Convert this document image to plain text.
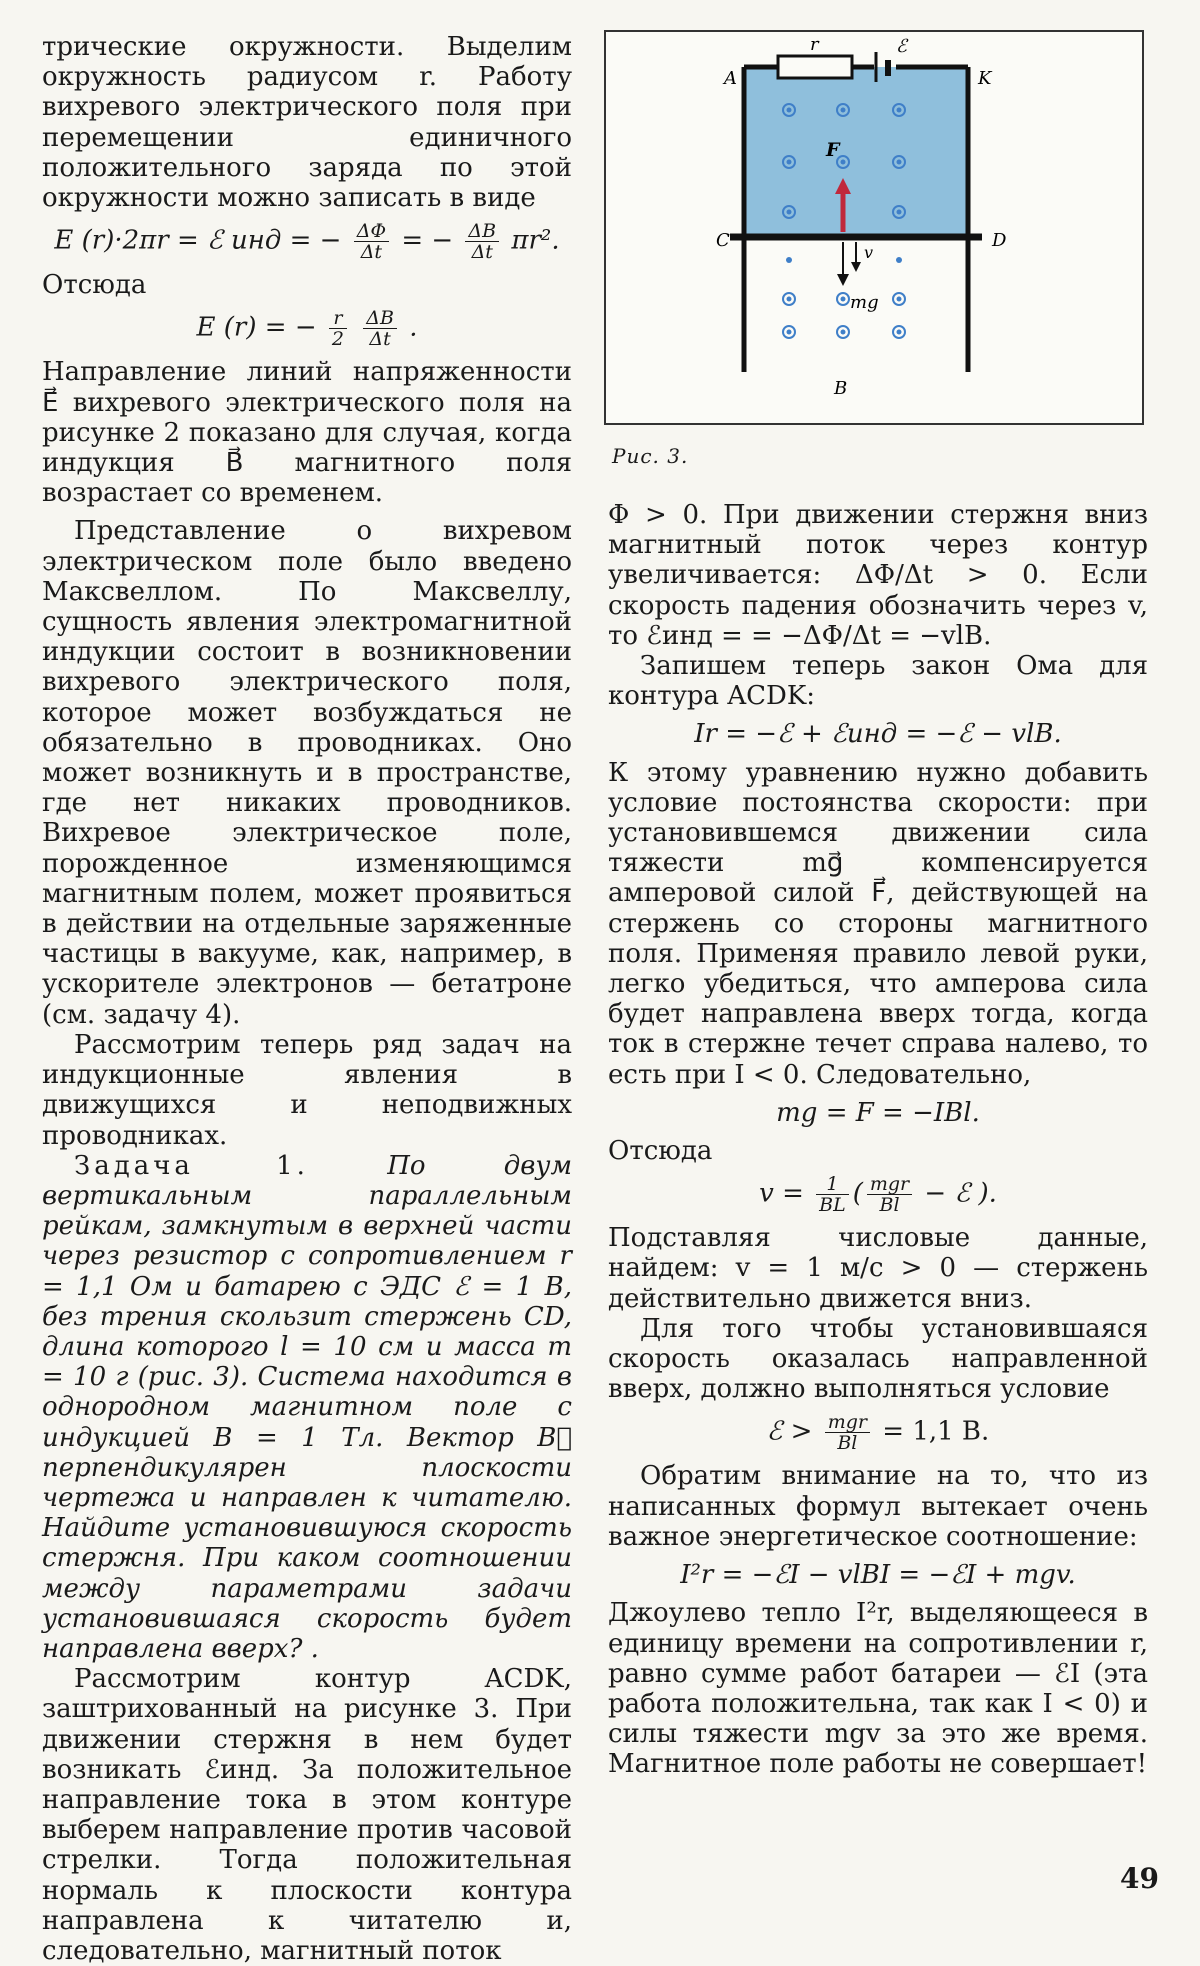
A	K
C	D
r	ℰ
F
v
mg
B
Рис. 3.

трические окружности. Выделим окружность радиусом r. Работу вихревого электрического поля при перемещении единичного положительного заряда по этой окружности можно записать в виде

E (r)·2πr = ℰ инд = − $\frac{\Delta\Phi}{\Delta t}$ = − $\frac{\Delta B}{\Delta t} \pi r^2$.

Отсюда

E (r) = − $\frac{r}{2}$
$\frac{\Delta B}{\Delta t}$ .

Направление линий напряженности E⃗ вихревого электрического поля на рисунке 2 показано для случая, когда индукция B⃗ магнитного поля возрастает со временем.

Представление о вихревом электрическом поле было введено Максвеллом. По Максвеллу, сущность явления электромагнитной индукции состоит в возникновении вихревого электрического поля, которое может возбуждаться не обязательно в проводниках. Оно может возникнуть и в пространстве, где нет никаких проводников. Вихревое электрическое поле, порожденное изменяющимся магнитным полем, может проявиться в действии на отдельные заряженные частицы в вакууме, как, например, в ускорителе электронов — бетатроне (см. задачу 4).

Рассмотрим теперь ряд задач на индукционные явления в движущихся и неподвижных проводниках.

Задача 1.	По двум вертикальным параллельным рейкам, замкнутым в верхней части через резистор с сопротивлением r = 1,1 Ом и батарею с ЭДС ℰ = 1 В, без трения скользит стержень CD, длина которого l = 10 см и масса m = 10 г (рис. 3). Система находится в однородном магнитном поле с индукцией B = 1 Тл. Вектор B⃗ перпендикулярен плоскости чертежа и направлен к читателю. Найдите установившуюся скорость стержня. При каком соотношении между параметрами задачи установившаяся скорость будет направлена вверх? .

Рассмотрим контур ACDK, заштрихованный на рисунке 3. При движении стержня в нем будет возникать ℰинд. За положительное направление тока в этом контуре выберем направление против часовой стрелки. Тогда положительная нормаль к плоскости контура направлена к читателю и, следовательно, магнитный поток

Φ > 0. При движении стержня вниз магнитный поток через контур увеличивается: ΔΦ/Δt > 0. Если скорость падения обозначить через v, то ℰинд = = −ΔΦ/Δt = −vlB.

Запишем теперь закон Ома для контура ACDK:

Ir = −ℰ + ℰинд = −ℰ − vlB.

К этому уравнению нужно добавить условие постоянства скорости: при установившемся движении сила тяжести mg⃗ компенсируется амперовой силой F⃗, действующей на стержень со стороны магнитного поля. Применяя правило левой руки, легко убедиться, что амперова сила будет направлена вверх тогда, когда ток в стержне течет справа налево, то есть при I < 0. Следовательно,

mg = F = −IBl.

Отсюда

$v = \frac{1}{BL}$ ( mgr
Bl − ℰ ).

Подставляя числовые данные, найдем: v = 1 м/с > 0 — стержень действительно движется вниз.

Для того чтобы установившаяся скорость оказалась направленной вверх, должно выполняться условие

ℰ > mgr
Bl = 1,1 В.

Обратим внимание на то, что из написанных формул вытекает очень важное энергетическое соотношение:

I²r = −ℰI − vlBI = −ℰI + mgv.

Джоулево тепло I²r, выделяющееся в единицу времени на сопротивлении r, равно сумме работ батареи — ℰI (эта работа положительна, так как I < 0) и силы тяжести mgv за это же время. Магнитное поле работы не совершает!

49
